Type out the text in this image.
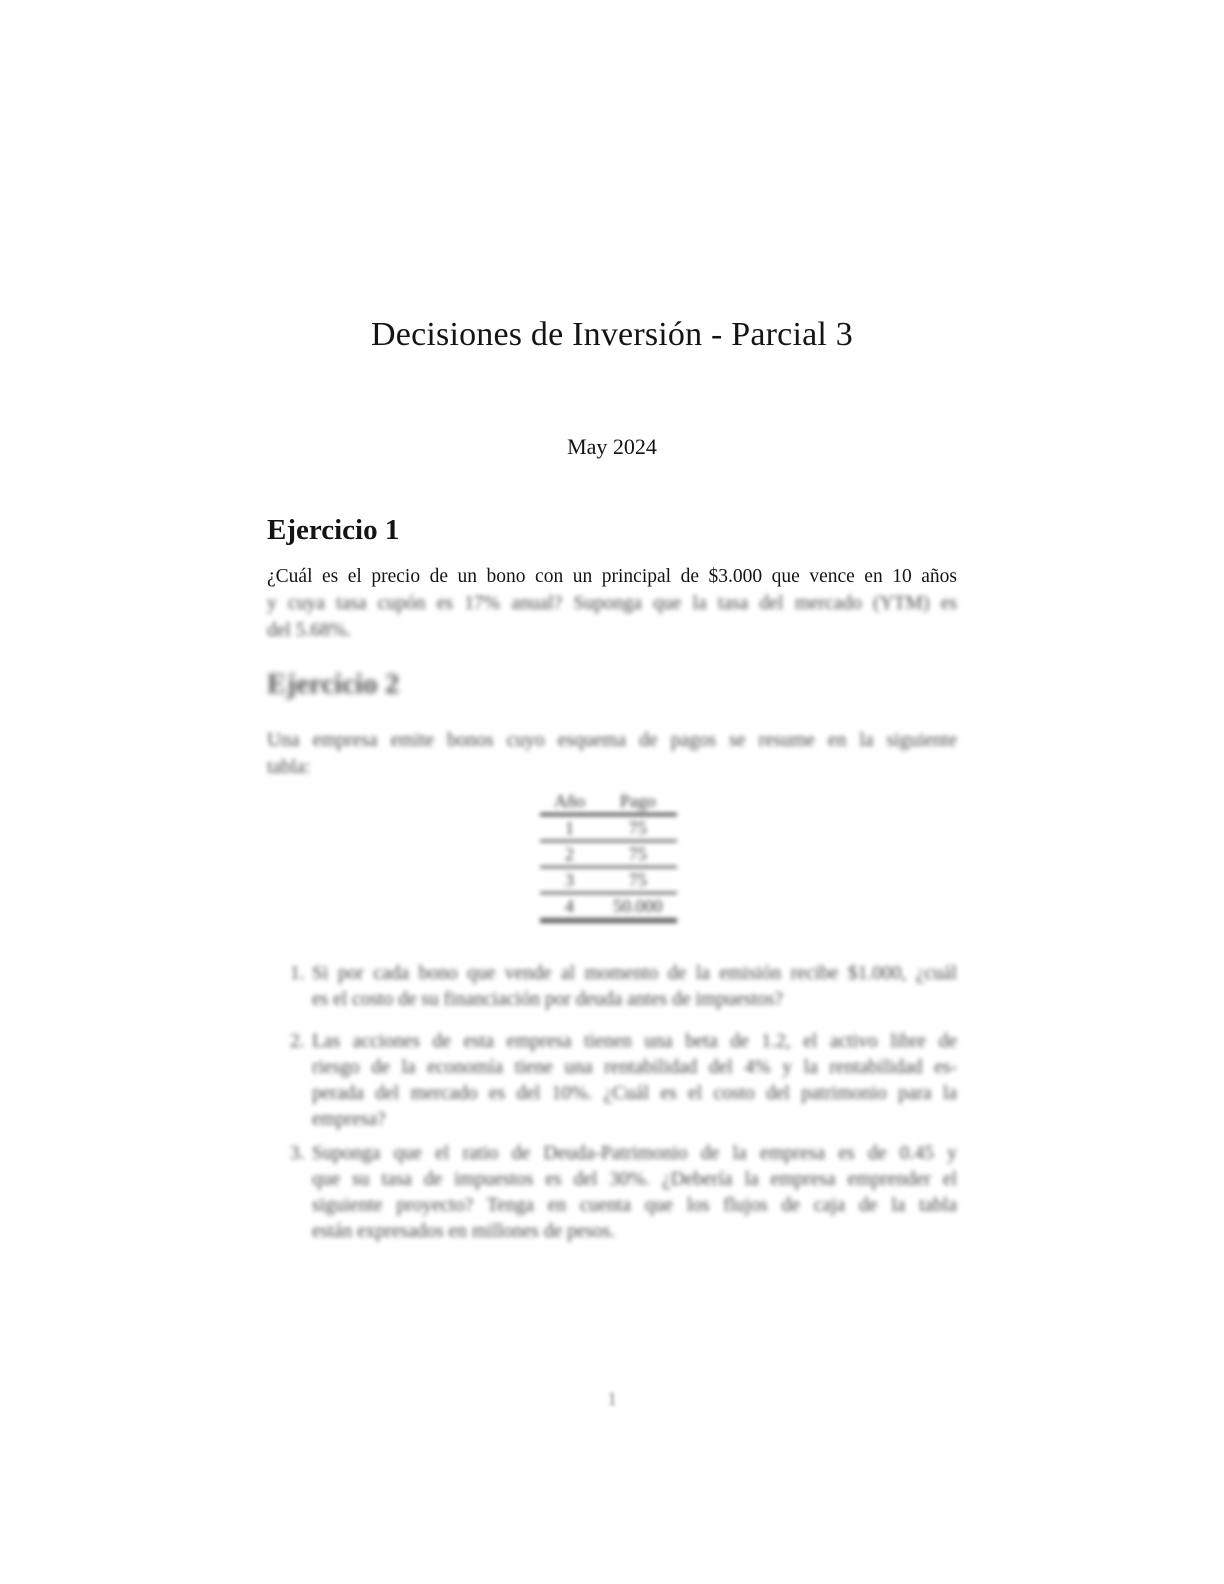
Decisiones de Inversión - Parcial 3
May 2024
Ejercicio 1
¿Cuál es el precio de un bono con un principal de $3.000 que vence en 10 años
y cuya tasa cupón es 17% anual? Suponga que la tasa del mercado (YTM) es
del 5.68%.
Ejercicio 2
Una empresa emite bonos cuyo esquema de pagos se resume en la siguiente
tabla:
Año	Pago
1	75
2	75
3	75
4	50.000
1. Si por cada bono que vende al momento de la emisión recibe $1.000, ¿cuál
es el costo de su financiación por deuda antes de impuestos?
2. Las acciones de esta empresa tienen una beta de 1.2, el activo libre de
riesgo de la economía tiene una rentabilidad del 4% y la rentabilidad es-
perada del mercado es del 10%. ¿Cuál es el costo del patrimonio para la
empresa?
3. Suponga que el ratio de Deuda-Patrimonio de la empresa es de 0.45 y
que su tasa de impuestos es del 30%. ¿Debería la empresa emprender el
siguiente proyecto? Tenga en cuenta que los flujos de caja de la tabla
están expresados en millones de pesos.
1
